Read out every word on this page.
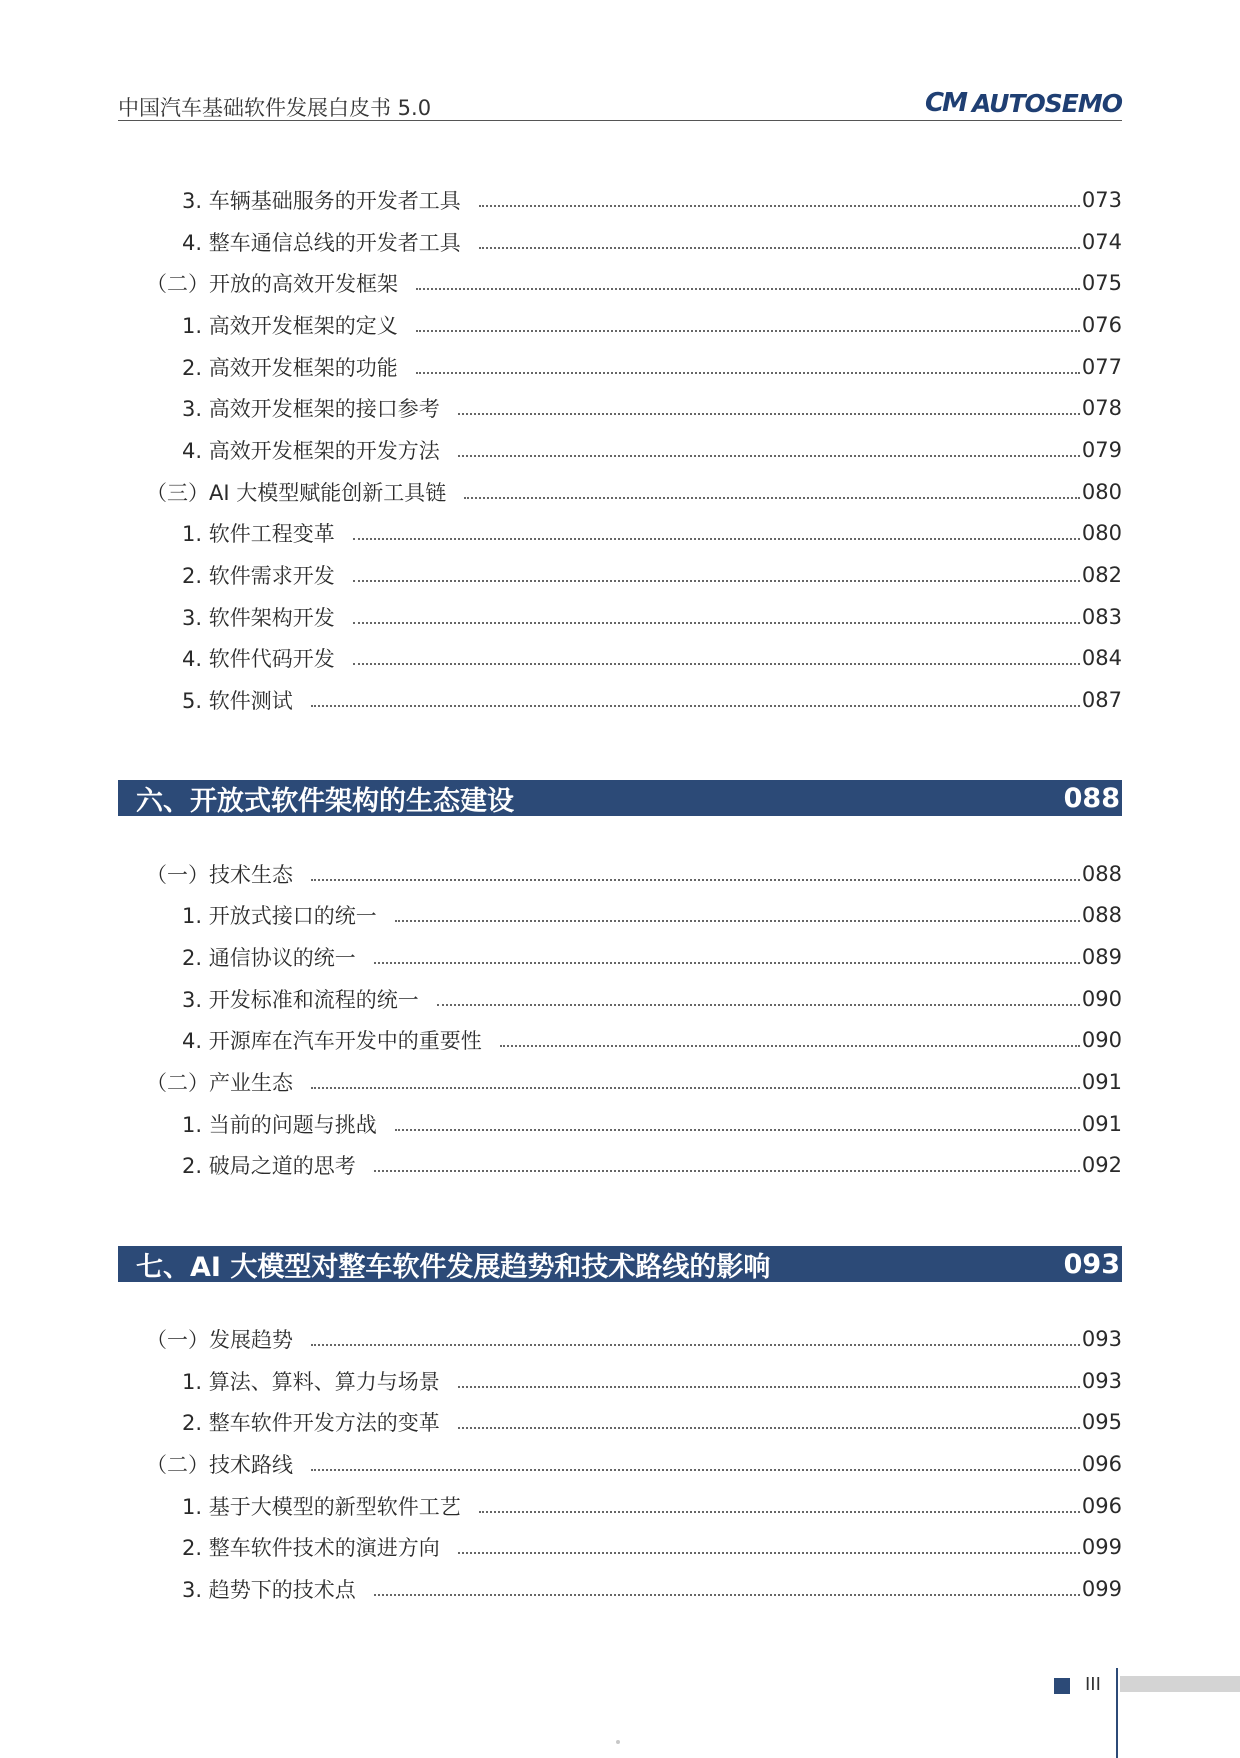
中国汽车基础软件发展白皮书 5.0	CM AUTOSEMO
3. 车辆基础服务的开发者工具	073
4. 整车通信总线的开发者工具	074
（二）开放的高效开发框架	075
1. 高效开发框架的定义	076
2. 高效开发框架的功能	077
3. 高效开发框架的接口参考	078
4. 高效开发框架的开发方法	079
（三）AI 大模型赋能创新工具链	080
1. 软件工程变革	080
2. 软件需求开发	082
3. 软件架构开发	083
4. 软件代码开发	084
5. 软件测试	087
六、开放式软件架构的生态建设	088
（一）技术生态	088
1. 开放式接口的统一	088
2. 通信协议的统一	089
3. 开发标准和流程的统一	090
4. 开源库在汽车开发中的重要性	090
（二）产业生态	091
1. 当前的问题与挑战	091
2. 破局之道的思考	092
七、AI 大模型对整车软件发展趋势和技术路线的影响	093
（一）发展趋势	093
1. 算法、算料、算力与场景	093
2. 整车软件开发方法的变革	095
（二）技术路线	096
1. 基于大模型的新型软件工艺	096
2. 整车软件技术的演进方向	099
3. 趋势下的技术点	099
III
